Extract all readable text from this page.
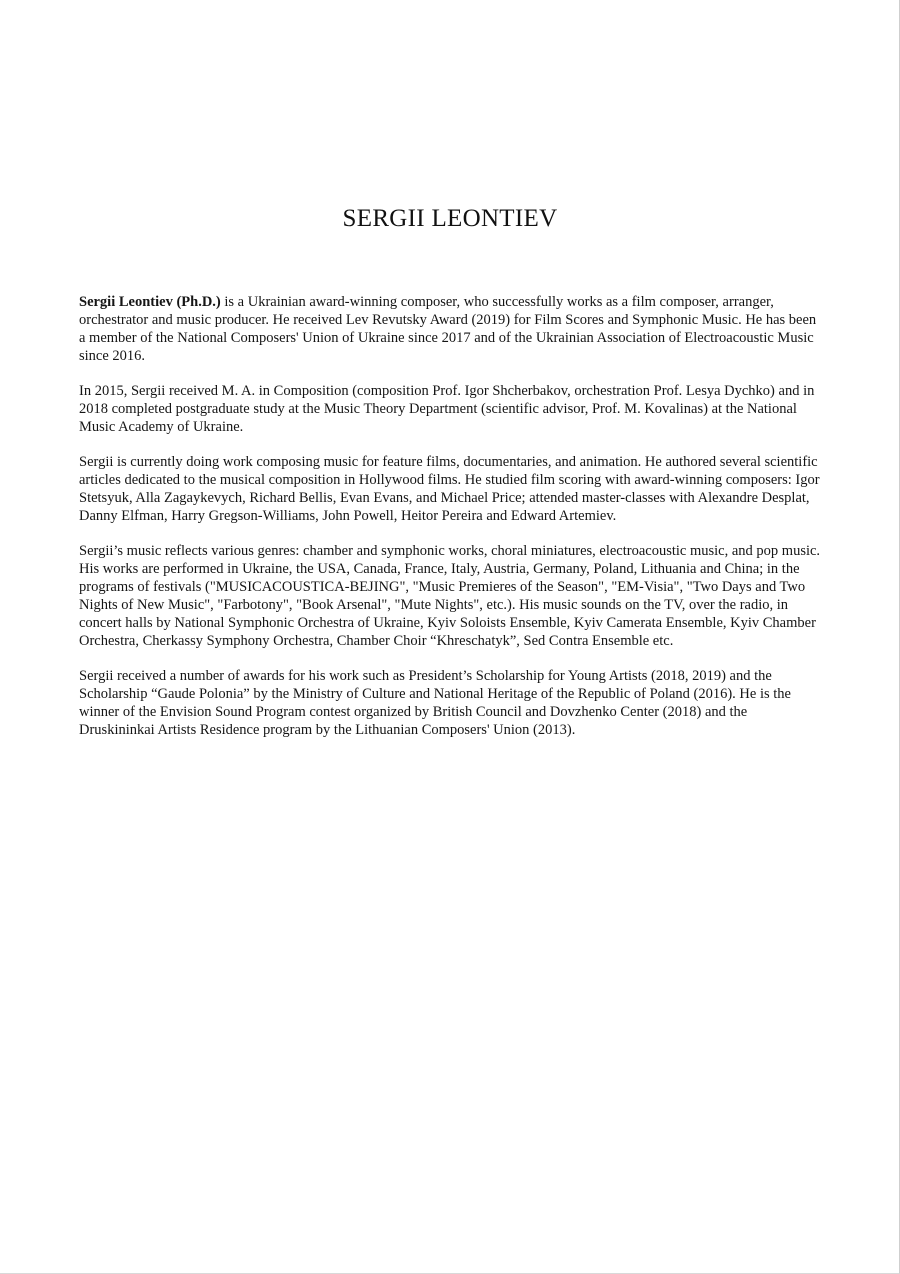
SERGII LEONTIEV

Sergii Leontiev (Ph.D.) is a Ukrainian award-winning composer, who successfully works as a film composer, arranger, orchestrator and music producer. He received Lev Revutsky Award (2019) for Film Scores and Symphonic Music. He has been a member of the National Composers' Union of Ukraine since 2017 and of the Ukrainian Association of Electroacoustic Music since 2016.

In 2015, Sergii received M. A. in Composition (composition Prof. Igor Shcherbakov, orchestration Prof. Lesya Dychko) and in 2018 completed postgraduate study at the Music Theory Department (scientific advisor, Prof. M. Kovalinas) at the National Music Academy of Ukraine.

Sergii is currently doing work composing music for feature films, documentaries, and animation. He authored several scientific articles dedicated to the musical composition in Hollywood films. He studied film scoring with award-winning composers: Igor Stetsyuk, Alla Zagaykevych, Richard Bellis, Evan Evans, and Michael Price; attended master-classes with Alexandre Desplat, Danny Elfman, Harry Gregson-Williams, John Powell, Heitor Pereira and Edward Artemiev.

Sergii’s music reflects various genres: chamber and symphonic works, choral miniatures, electroacoustic music, and pop music. His works are performed in Ukraine, the USA, Canada, France, Italy, Austria, Germany, Poland, Lithuania and China; in the programs of festivals ("MUSICACOUSTICA-BEJING", "Music Premieres of the Season", "EM-Visia", "Two Days and Two Nights of New Music", "Farbotony", "Book Arsenal", "Mute Nights", etc.). His music sounds on the TV, over the radio, in concert halls by National Symphonic Orchestra of Ukraine, Kyiv Soloists Ensemble, Kyiv Camerata Ensemble, Kyiv Chamber Orchestra, Cherkassy Symphony Orchestra, Chamber Choir “Khreschatyk”, Sed Contra Ensemble etc.

Sergii received a number of awards for his work such as President’s Scholarship for Young Artists (2018, 2019) and the Scholarship “Gaude Polonia” by the Ministry of Culture and National Heritage of the Republic of Poland (2016). He is the winner of the Envision Sound Program contest organized by British Council and Dovzhenko Center (2018) and the Druskininkai Artists Residence program by the Lithuanian Composers' Union (2013).
